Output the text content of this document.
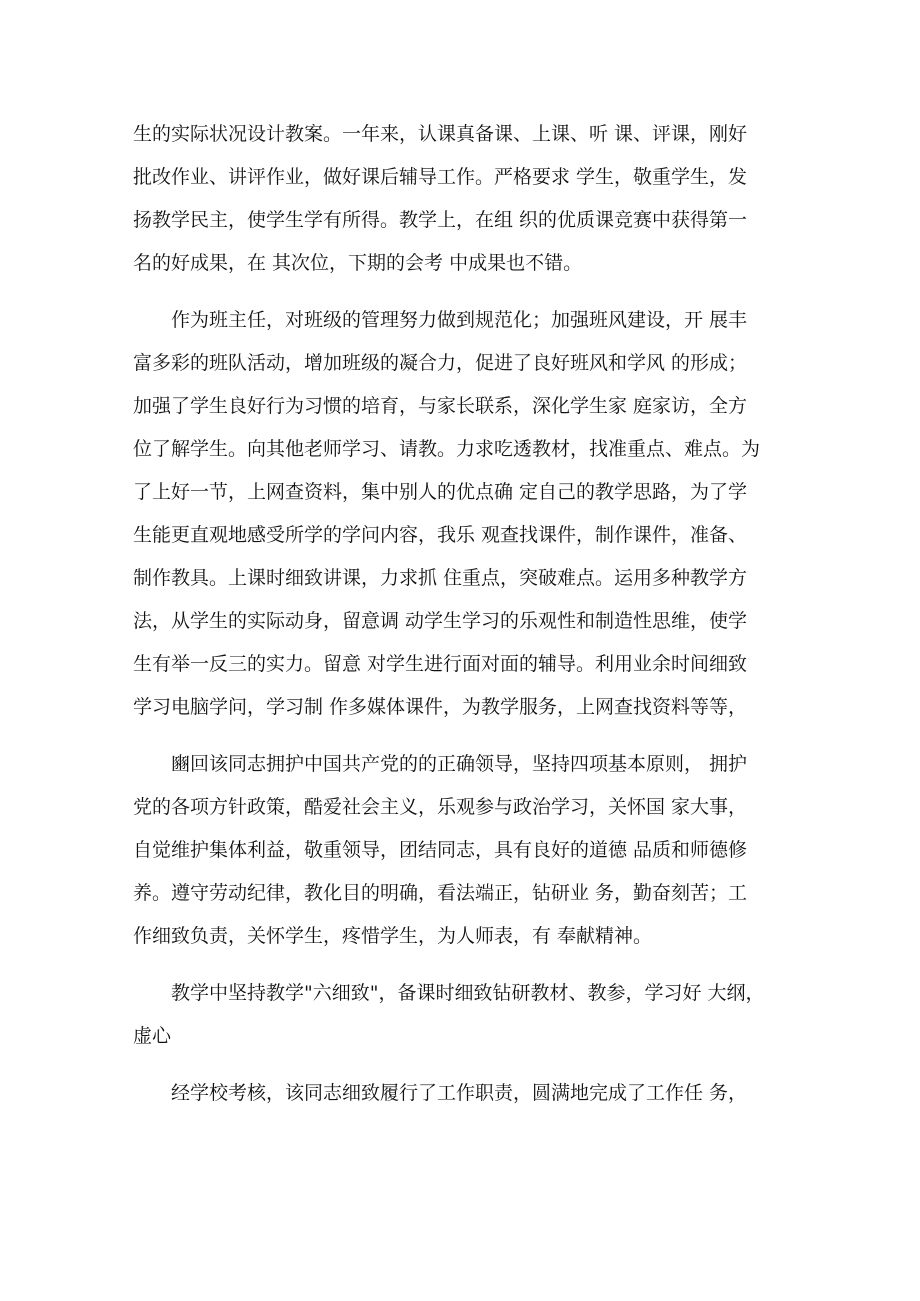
生的实际状况设计教案。一年来，认课真备课、上课、听 课、评课，刚好
批改作业、讲评作业，做好课后辅导工作。严格要求 学生，敬重学生，发
扬教学民主，使学生学有所得。教学上，在组 织的优质课竞赛中获得第一
名的好成果，在 其次位，下期的会考 中成果也不错。
作为班主任，对班级的管理努力做到规范化；加强班风建设，开 展丰
富多彩的班队活动，增加班级的凝合力，促进了良好班风和学风 的形成；
加强了学生良好行为习惯的培育，与家长联系，深化学生家 庭家访，全方
位了解学生。向其他老师学习、请教。力求吃透教材，找准重点、难点。为
了上好一节，上网查资料，集中别人的优点确 定自己的教学思路，为了学
生能更直观地感受所学的学问内容，我乐 观查找课件，制作课件，准备、
制作教具。上课时细致讲课，力求抓 住重点，突破难点。运用多种教学方
法，从学生的实际动身，留意调 动学生学习的乐观性和制造性思维，使学
生有举一反三的实力。留意 对学生进行面对面的辅导。利用业余时间细致
学习电脑学问，学习制 作多媒体课件，为教学服务，上网查找资料等等，
豳回该同志拥护中国共产党的的正确领导，坚持四项基本原则， 拥护
党的各项方针政策，酷爱社会主义，乐观参与政治学习，关怀国 家大事，
自觉维护集体利益，敬重领导，团结同志，具有良好的道德 品质和师德修
养。遵守劳动纪律，教化目的明确，看法端正，钻研业 务，勤奋刻苦；工
作细致负责，关怀学生，疼惜学生，为人师表，有 奉献精神。
教学中坚持教学"六细致"，备课时细致钻研教材、教参，学习好 大纲，
虚心
经学校考核，该同志细致履行了工作职责，圆满地完成了工作任 务，
